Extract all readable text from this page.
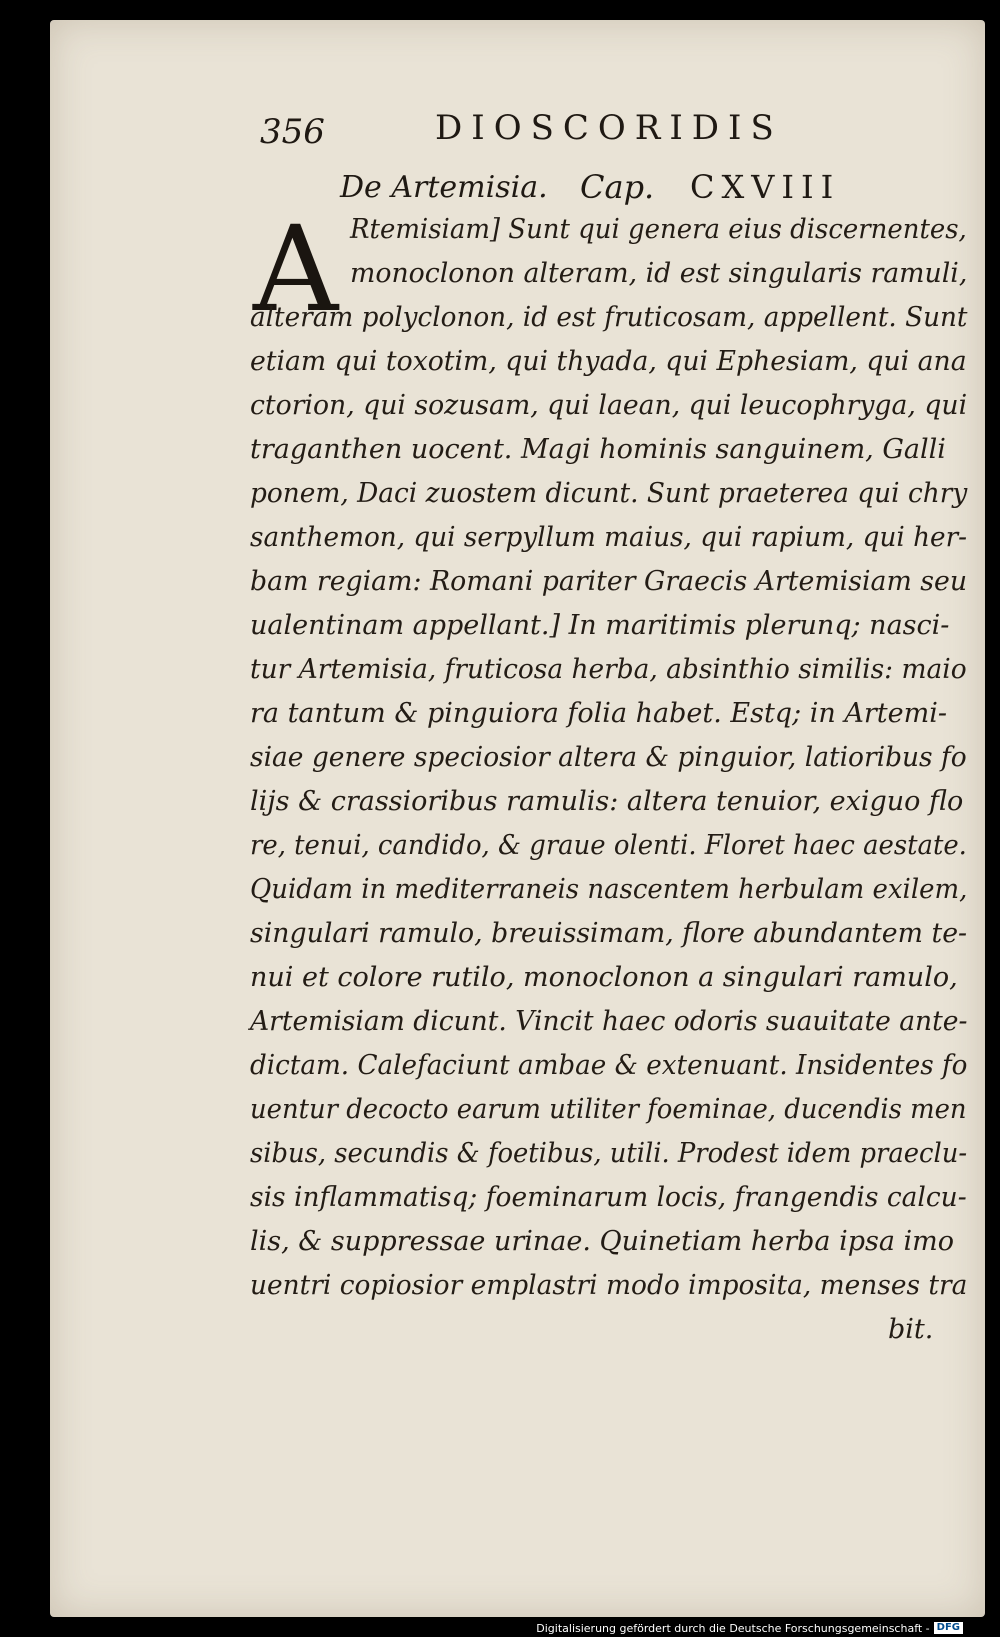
356	DIOSCORIDIS
De Artemisia. Cap. CXVIII
A Rtemisiam] Sunt qui genera eius discernentes,
monoclonon alteram, id est singularis ramuli,
alteram polyclonon, id est fruticosam, appellent. Sunt
etiam qui toxotim, qui thyada, qui Ephesiam, qui ana
ctorion, qui sozusam, qui laean, qui leucophryga, qui
traganthen uocent. Magi hominis sanguinem, Galli
ponem, Daci zuostem dicunt. Sunt praeterea qui chry
santhemon, qui serpyllum maius, qui rapium, qui her-
bam regiam: Romani pariter Graecis Artemisiam seu
ualentinam appellant.] In maritimis plerunq; nasci-
tur Artemisia, fruticosa herba, absinthio similis: maio
ra tantum & pinguiora folia habet. Estq; in Artemi-
siae genere speciosior altera & pinguior, latioribus fo
lijs & crassioribus ramulis: altera tenuior, exiguo flo
re, tenui, candido, & graue olenti. Floret haec aestate.
Quidam in mediterraneis nascentem herbulam exilem,
singulari ramulo, breuissimam, flore abundantem te-
nui et colore rutilo, monoclonon a singulari ramulo,
Artemisiam dicunt. Vincit haec odoris suauitate ante-
dictam. Calefaciunt ambae & extenuant. Insidentes fo
uentur decocto earum utiliter foeminae, ducendis men
sibus, secundis & foetibus, utili. Prodest idem praeclu-
sis inflammatisq; foeminarum locis, frangendis calcu-
lis, & suppressae urinae. Quinetiam herba ipsa imo
uentri copiosior emplastri modo imposita, menses tra
bit.
Digitalisierung gefördert durch die Deutsche Forschungsgemeinschaft - DFG
